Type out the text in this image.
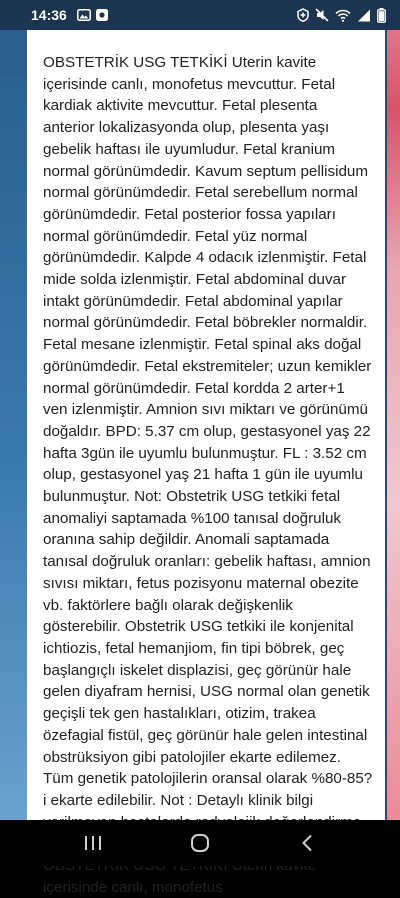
14:36

OBSTETRİK USG TETKİKİ Uterin kavite içerisinde canlı, monofetus mevcuttur. Fetal kardiak aktivite mevcuttur. Fetal plesenta anterior lokalizasyonda olup, plesenta yaşı gebelik haftası ile uyumludur. Fetal kranium normal görünümdedir. Kavum septum pellisidum normal görünümdedir. Fetal serebellum normal görünümdedir. Fetal posterior fossa yapıları normal görünümdedir. Fetal yüz normal görünümdedir. Kalpde 4 odacık izlenmiştir. Fetal mide solda izlenmiştir. Fetal abdominal duvar intakt görünümdedir. Fetal abdominal yapılar normal görünümdedir. Fetal böbrekler normaldir. Fetal mesane izlenmiştir. Fetal spinal aks doğal görünümdedir. Fetal ekstremiteler; uzun kemikler normal görünümdedir. Fetal kordda 2 arter+1 ven izlenmiştir. Amnion sıvı miktarı ve görünümü doğaldır. BPD: 5.37 cm olup, gestasyonel yaş 22 hafta 3gün ile uyumlu bulunmuştur. FL : 3.52 cm olup, gestasyonel yaş 21 hafta 1 gün ile uyumlu bulunmuştur. Not: Obstetrik USG tetkiki fetal anomaliyi saptamada %100 tanısal doğruluk oranına sahip değildir. Anomali saptamada tanısal doğruluk oranları: gebelik haftası, amnion sıvısı miktarı, fetus pozisyonu maternal obezite vb. faktörlere bağlı olarak değişkenlik gösterebilir. Obstetrik USG tetkiki ile konjenital ichtiozis, fetal hemanjiom, fin tipi böbrek, geç başlangıçlı iskelet displazisi, geç görünür hale gelen diyafram hernisi, USG normal olan genetik geçişli tek gen hastalıkları, otizim, trakea özefagial fistül, geç görünür hale gelen intestinal obstrüksiyon gibi patolojiler ekarte edilemez. Tüm genetik patolojilerin oransal olarak %80-85?i ekarte edilebilir. Not : Detaylı klinik bilgi içerisinde canlı, monofetus
